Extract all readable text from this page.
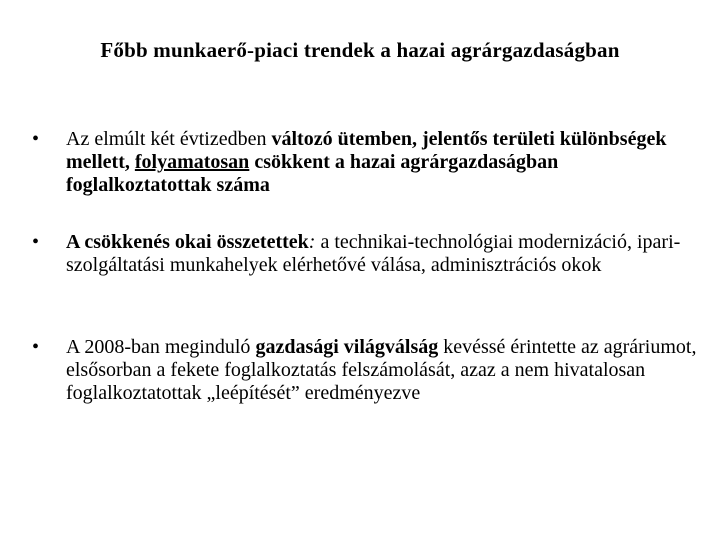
Főbb munkaerő-piaci trendek a hazai agrárgazdaságban
• Az elmúlt két évtizedben változó ütemben, jelentős területi különbségek mellett, folyamatosan csökkent a hazai agrárgazdaságban foglalkoztatottak száma
• A csökkenés okai összetettek: a technikai-technológiai modernizáció, ipari-szolgáltatási munkahelyek elérhetővé válása, adminisztrációs okok
• A 2008-ban meginduló gazdasági világválság kevéssé érintette az agráriumot, elsősorban a fekete foglalkoztatás felszámolását, azaz a nem hivatalosan foglalkoztatottak „leépítését” eredményezve
